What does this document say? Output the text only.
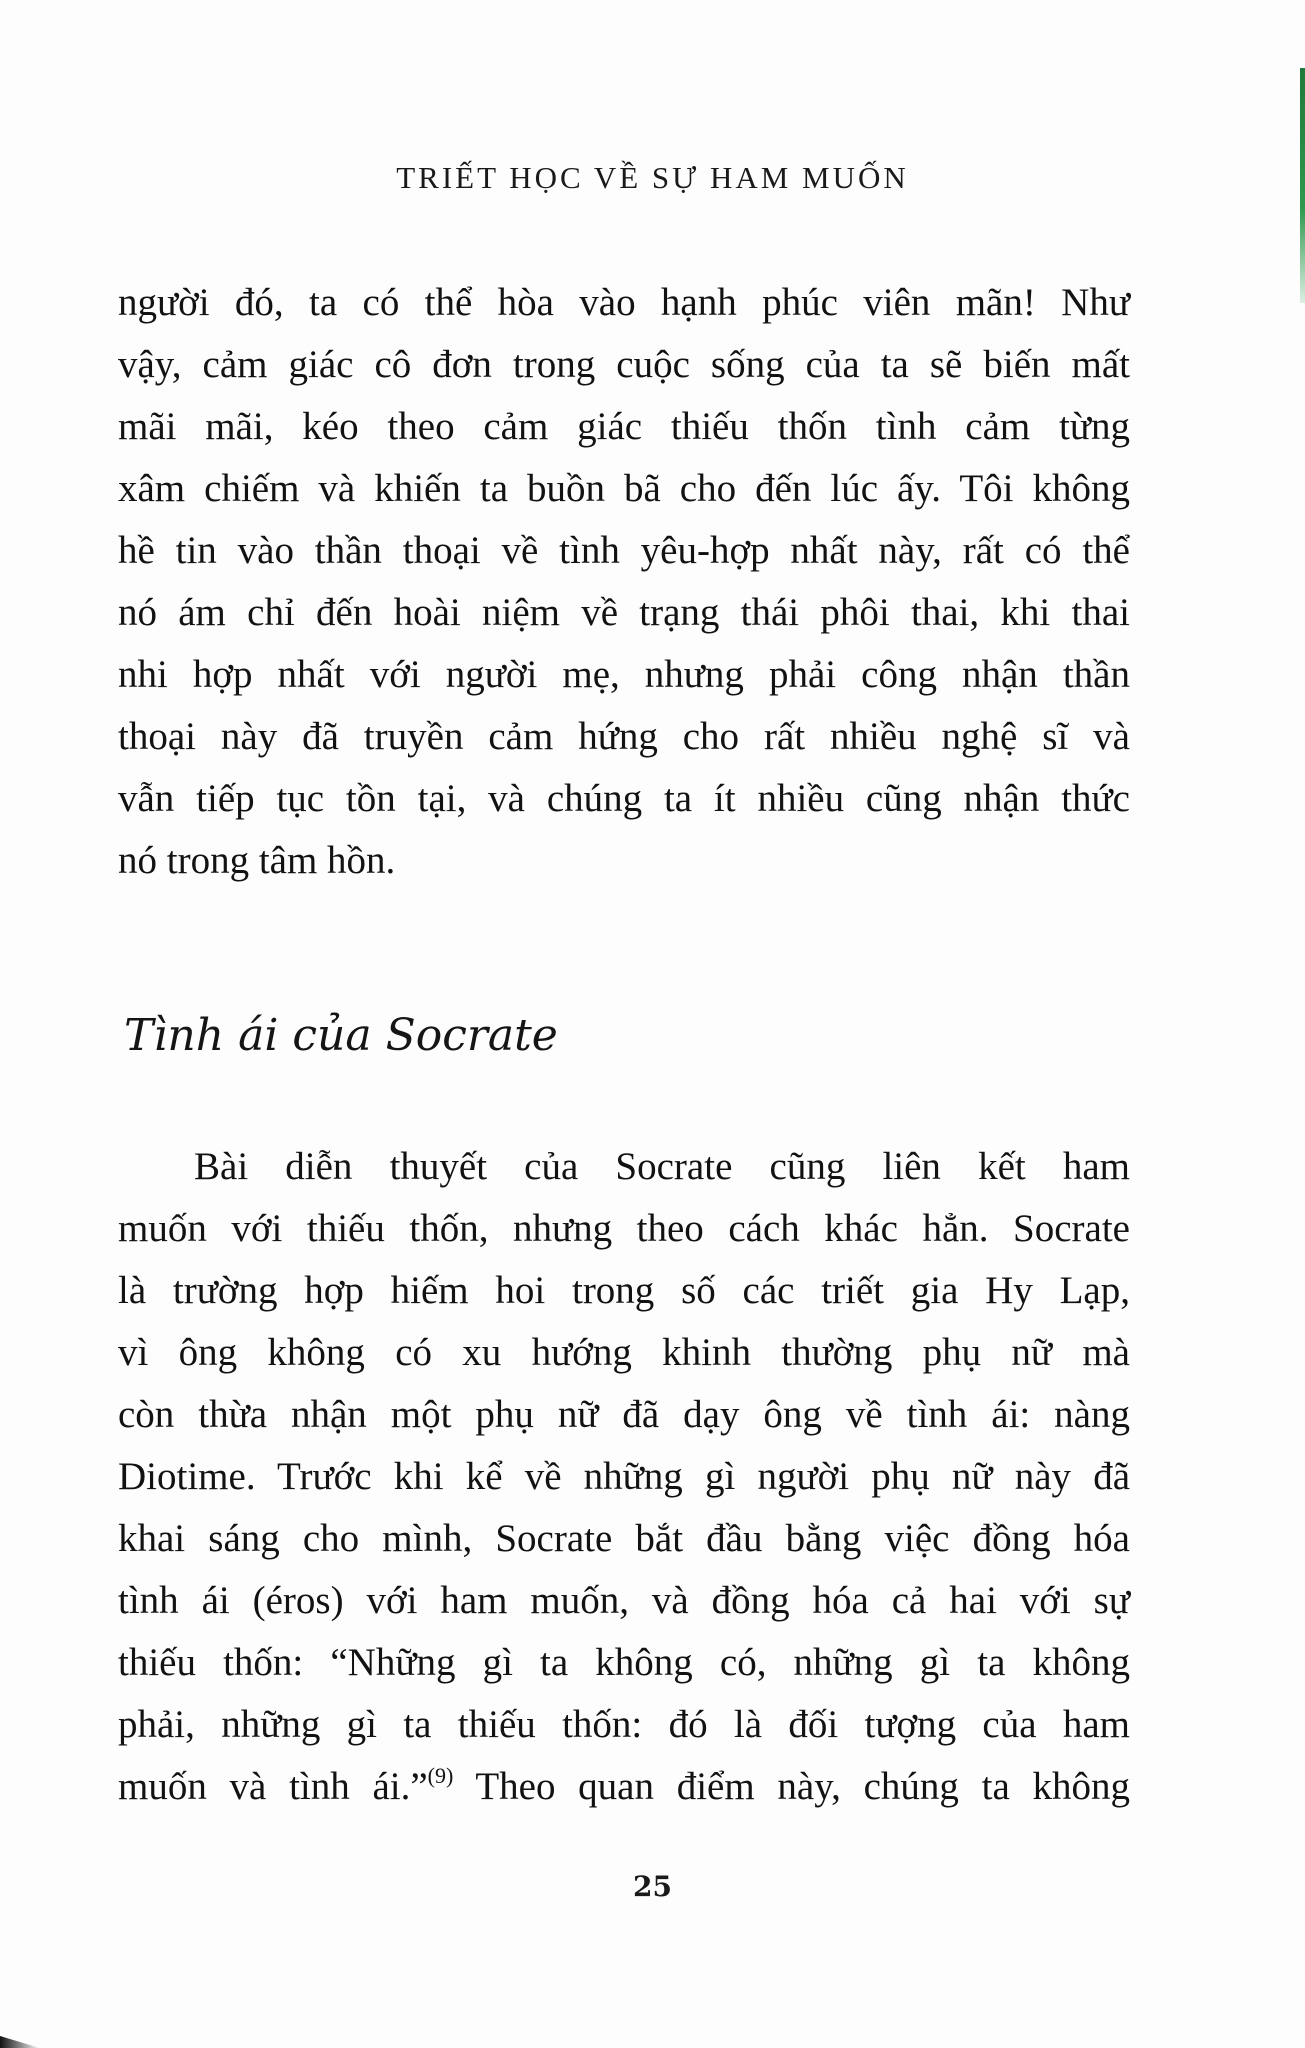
TRIẾT HỌC VỀ SỰ HAM MUỐN
người đó, ta có thể hòa vào hạnh phúc viên mãn! Như
vậy, cảm giác cô đơn trong cuộc sống của ta sẽ biến mất
mãi mãi, kéo theo cảm giác thiếu thốn tình cảm từng
xâm chiếm và khiến ta buồn bã cho đến lúc ấy. Tôi không
hề tin vào thần thoại về tình yêu-hợp nhất này, rất có thể
nó ám chỉ đến hoài niệm về trạng thái phôi thai, khi thai
nhi hợp nhất với người mẹ, nhưng phải công nhận thần
thoại này đã truyền cảm hứng cho rất nhiều nghệ sĩ và
vẫn tiếp tục tồn tại, và chúng ta ít nhiều cũng nhận thức
nó trong tâm hồn.
Tình ái của Socrate
Bài diễn thuyết của Socrate cũng liên kết ham
muốn với thiếu thốn, nhưng theo cách khác hẳn. Socrate
là trường hợp hiếm hoi trong số các triết gia Hy Lạp,
vì ông không có xu hướng khinh thường phụ nữ mà
còn thừa nhận một phụ nữ đã dạy ông về tình ái: nàng
Diotime. Trước khi kể về những gì người phụ nữ này đã
khai sáng cho mình, Socrate bắt đầu bằng việc đồng hóa
tình ái (éros) với ham muốn, và đồng hóa cả hai với sự
thiếu thốn: “Những gì ta không có, những gì ta không
phải, những gì ta thiếu thốn: đó là đối tượng của ham
muốn và tình ái.”$^{(9)}$ Theo quan điểm này, chúng ta không
25
